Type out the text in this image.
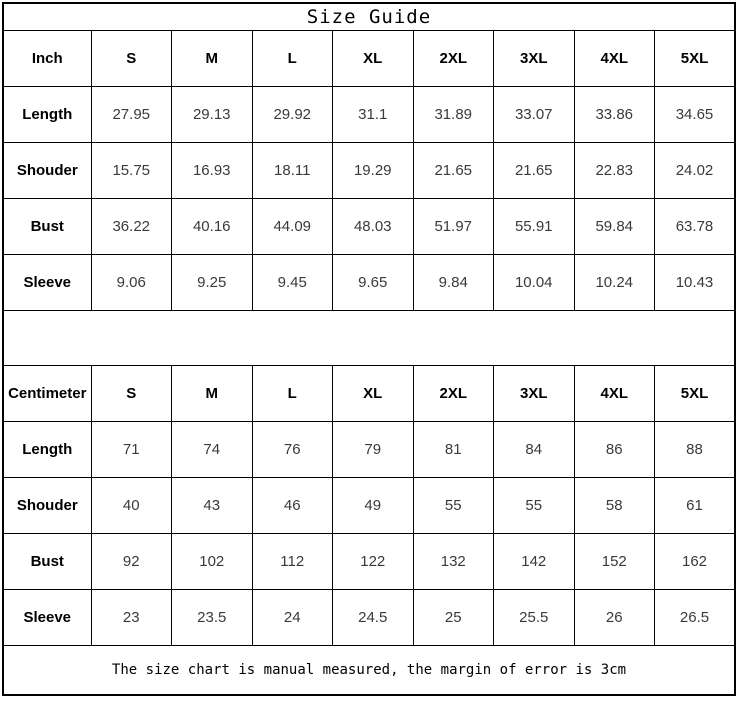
Size Guide								
Inch	S	M	L	XL	2XL	3XL	4XL	5XL
Length	27.95	29.13	29.92	31.1	31.89	33.07	33.86	34.65
Shouder	15.75	16.93	18.11	19.29	21.65	21.65	22.83	24.02
Bust	36.22	40.16	44.09	48.03	51.97	55.91	59.84	63.78
Sleeve	9.06	9.25	9.45	9.65	9.84	10.04	10.24	10.43

Centimeter	S	M	L	XL	2XL	3XL	4XL	5XL
Length	71	74	76	79	81	84	86	88
Shouder	40	43	46	49	55	55	58	61
Bust	92	102	112	122	132	142	152	162
Sleeve	23	23.5	24	24.5	25	25.5	26	26.5
The size chart is manual measured, the margin of error is 3cm								
